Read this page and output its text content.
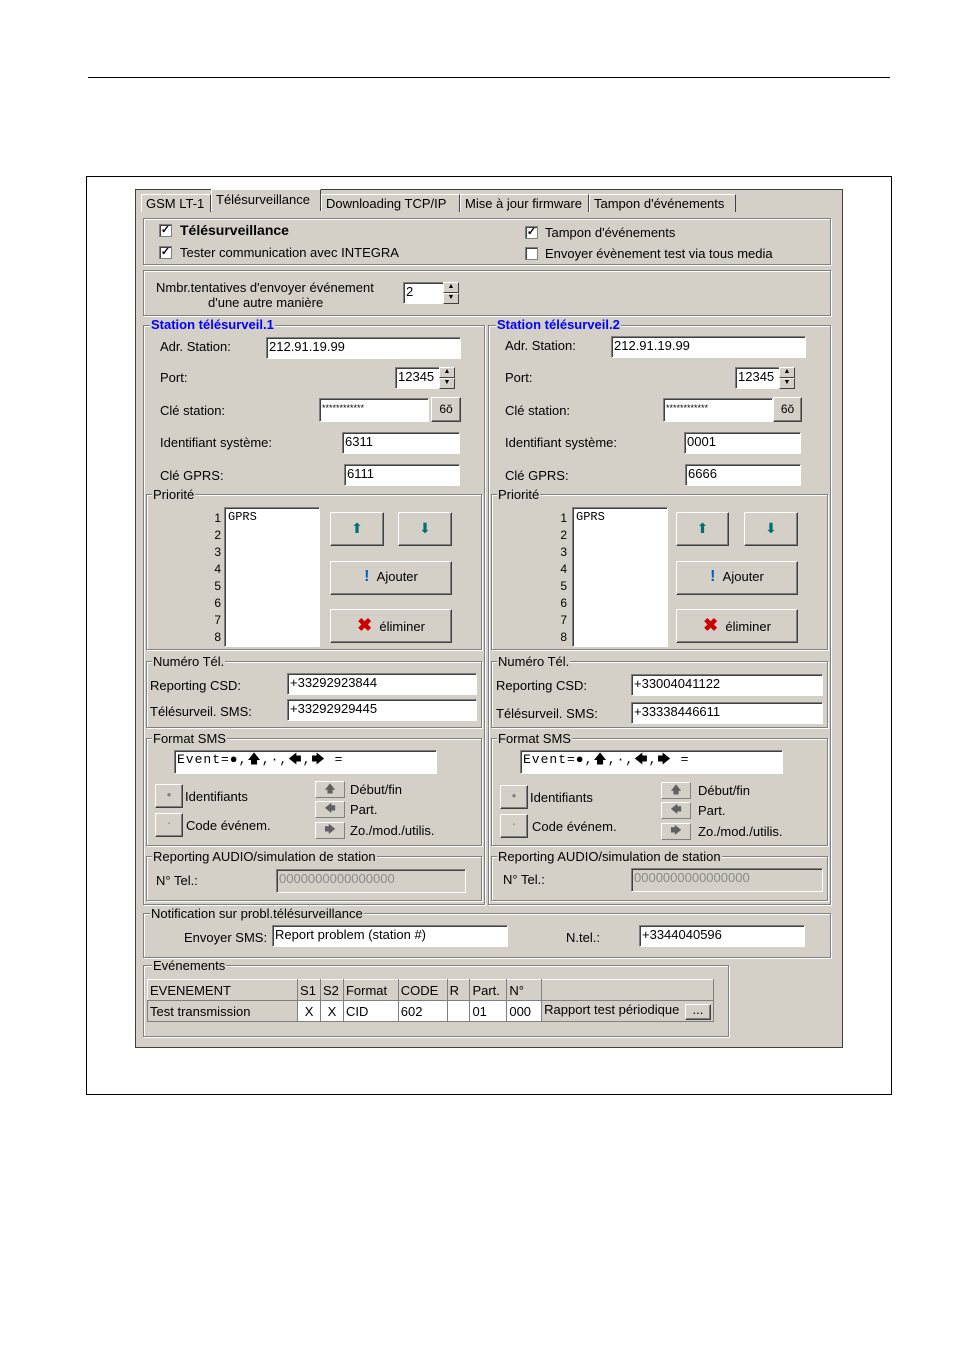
GSM LT-1 Télésurveillance	Downloading TCP/IP	Mise à jour firmware Tampon d'événements
✓ Télésurveillance
✓ Tester communication avec INTEGRA
✓ Tampon d'événements
Envoyer évènement test via tous media
Nmbr.tentatives d'envoyer événement
d'une autre manière
2	▲
▼
Station télésurveil.1
Adr. Station:	212.91.19.99
Port:	12345	▲
▼
Clé station:	************	6ŏ
Identifiant système:	6311
Clé GPRS:	6111
Priorité
1
2
3
4
5
6
7
8
GPRS
⬆	⬇
! Ajouter
✖ éliminer
Numéro Tél.
Reporting CSD:	+33292923844
Télésurveil. SMS:	+33292929445
Format SMS
Event=●,🡅,·,🡄,🡆 =
●	Identifiants
·	Code événem.
🡅	Début/fin
🡄	Part.
🡆	Zo./mod./utilis.
Reporting AUDIO/simulation de station
N° Tel.:	0000000000000000
Station télésurveil.2
Adr. Station:	212.91.19.99
Port:	12345	▲
▼
Clé station:	************	6ŏ
Identifiant système:	0001
Clé GPRS:	6666
Priorité
1
2
3
4
5
6
7
8
GPRS
⬆	⬇
! Ajouter
✖ éliminer
Numéro Tél.
Reporting CSD:	+33004041122
Télésurveil. SMS:	+33338446611
Format SMS
Event=●,🡅,·,🡄,🡆 =
●	Identifiants
·	Code événem.
🡅	Début/fin
🡄	Part.
🡆	Zo./mod./utilis.
Reporting AUDIO/simulation de station
N° Tel.:	0000000000000000
Notification sur probl.télésurveillance
Envoyer SMS: Report problem (station #)	N.tel.:	+3344040596
Evénements
EVENEMENT	S1	S2	Format	CODE	R	Part.	N°	
Test transmission	X	X	CID	602		01	000	Rapport test périodique ...
